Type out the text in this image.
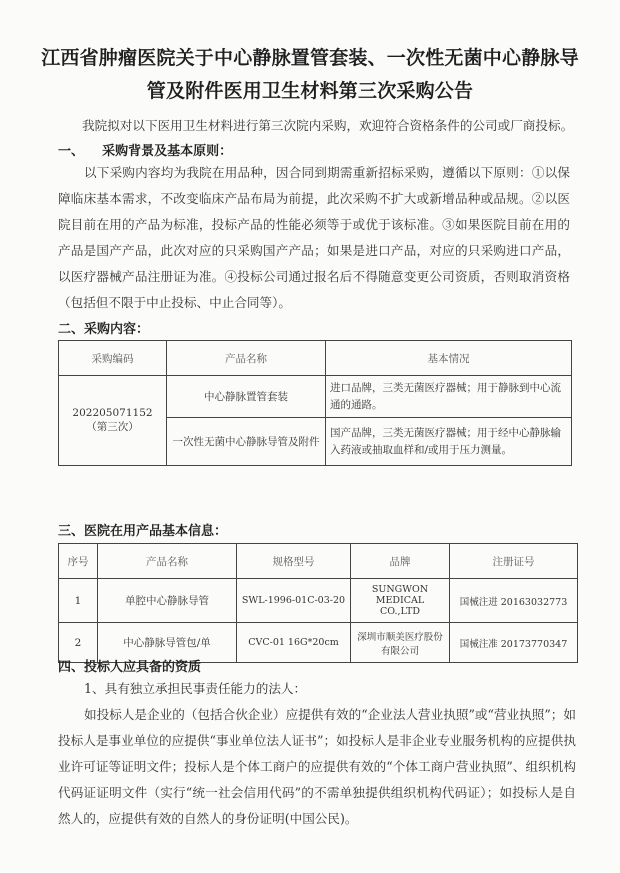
江西省肿瘤医院关于中心静脉置管套装、一次性无菌中心静脉导管及附件医用卫生材料第三次采购公告
我院拟对以下医用卫生材料进行第三次院内采购，欢迎符合资格条件的公司或厂商投标。
一、    采购背景及基本原则：
以下采购内容均为我院在用品种，因合同到期需重新招标采购，遵循以下原则：①以保障临床基本需求，不改变临床产品布局为前提，此次采购不扩大或新增品种或品规。②以医院目前在用的产品为标准，投标产品的性能必须等于或优于该标准。③如果医院目前在用的产品是国产产品，此次对应的只采购国产产品；如果是进口产品，对应的只采购进口产品，以医疗器械产品注册证为准。④投标公司通过报名后不得随意变更公司资质，否则取消资格（包括但不限于中止投标、中止合同等）。
二、采购内容：
采购编码	产品名称	基本情况

202205071152
（第三次）	中心静脉置管套装	进口品牌，三类无菌医疗器械；用于静脉到中心流通的通路。
	一次性无菌中心静脉导管及附件	国产品牌，三类无菌医疗器械；用于经中心静脉输入药液或抽取血样和/或用于压力测量。
三、医院在用产品基本信息：
序号	产品名称	规格型号	品牌	注册证号
1	单腔中心静脉导管	SWL-1996-01C-03-20	SUNGWON MEDICAL CO.,LTD	国械注进 20163032773
2	中心静脉导管包/单	CVC-01 16G*20cm	深圳市顺美医疗股份有限公司	国械注准 20173770347
四、投标人应具备的资质
1、具有独立承担民事责任能力的法人：
如投标人是企业的（包括合伙企业）应提供有效的“企业法人营业执照”或“营业执照”；如投标人是事业单位的应提供“事业单位法人证书”；如投标人是非企业专业服务机构的应提供执业许可证等证明文件；投标人是个体工商户的应提供有效的“个体工商户营业执照”、组织机构代码证证明文件（实行“统一社会信用代码”的不需单独提供组织机构代码证）；如投标人是自然人的，应提供有效的自然人的身份证明(中国公民)。
